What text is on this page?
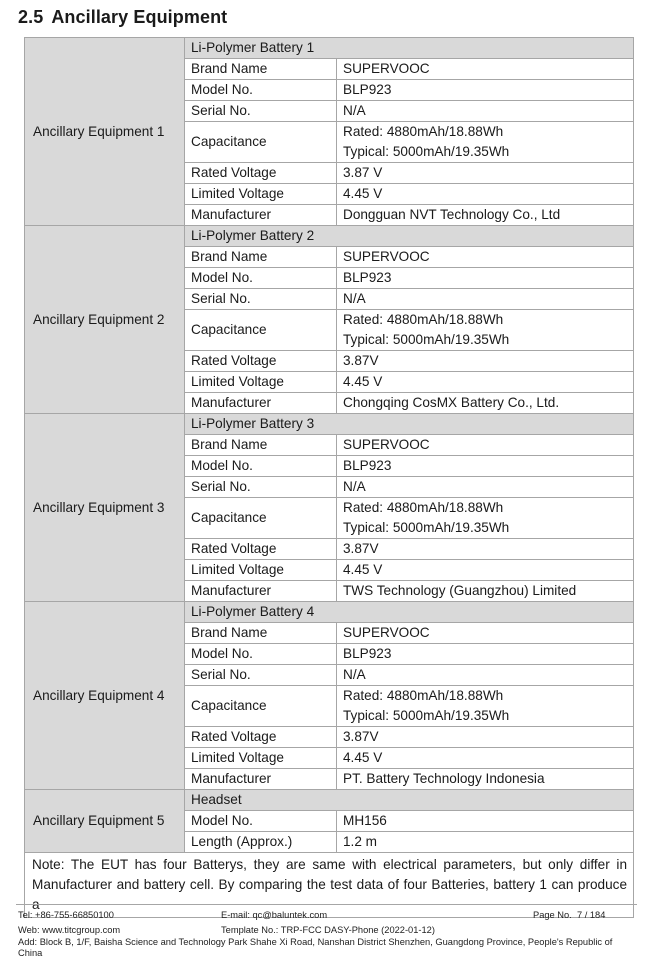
2.5 Ancillary Equipment
Ancillary Equipment 1	Li-Polymer Battery 1	
	Brand Name	SUPERVOOC
	Model No.	BLP923
	Serial No.	N/A
	Capacitance	Rated: 4880mAh/18.88Wh
Typical: 5000mAh/19.35Wh

	Rated Voltage	3.87 V
	Limited Voltage	4.45 V
	Manufacturer	Dongguan NVT Technology Co., Ltd
Ancillary Equipment 2	Li-Polymer Battery 2	
	Brand Name	SUPERVOOC
	Model No.	BLP923
	Serial No.	N/A
	Capacitance	Rated: 4880mAh/18.88Wh
Typical: 5000mAh/19.35Wh

	Rated Voltage	3.87V
	Limited Voltage	4.45 V
	Manufacturer	Chongqing CosMX Battery Co., Ltd.
Ancillary Equipment 3	Li-Polymer Battery 3	
	Brand Name	SUPERVOOC
	Model No.	BLP923
	Serial No.	N/A
	Capacitance	Rated: 4880mAh/18.88Wh
Typical: 5000mAh/19.35Wh

	Rated Voltage	3.87V
	Limited Voltage	4.45 V
	Manufacturer	TWS Technology (Guangzhou) Limited
Ancillary Equipment 4	Li-Polymer Battery 4	
	Brand Name	SUPERVOOC
	Model No.	BLP923
	Serial No.	N/A
	Capacitance	Rated: 4880mAh/18.88Wh
Typical: 5000mAh/19.35Wh

	Rated Voltage	3.87V
	Limited Voltage	4.45 V
	Manufacturer	PT. Battery Technology Indonesia
Ancillary Equipment 5	Headset	
	Model No.	MH156
	Length (Approx.)	1.2 m
Note: The EUT has four Batterys, they are same with electrical parameters, but only differ in Manufacturer and battery cell. By comparing the test data of four Batteries, battery 1 can produce a		
Tel: +86-755-66850100	E-mail: qc@baluntek.com	Page No. 7 / 184
Web: www.titcgroup.com	Template No.: TRP-FCC DASY-Phone (2022-01-12)
Add: Block B, 1/F, Baisha Science and Technology Park Shahe Xi Road, Nanshan District Shenzhen, Guangdong Province, People's Republic of China
